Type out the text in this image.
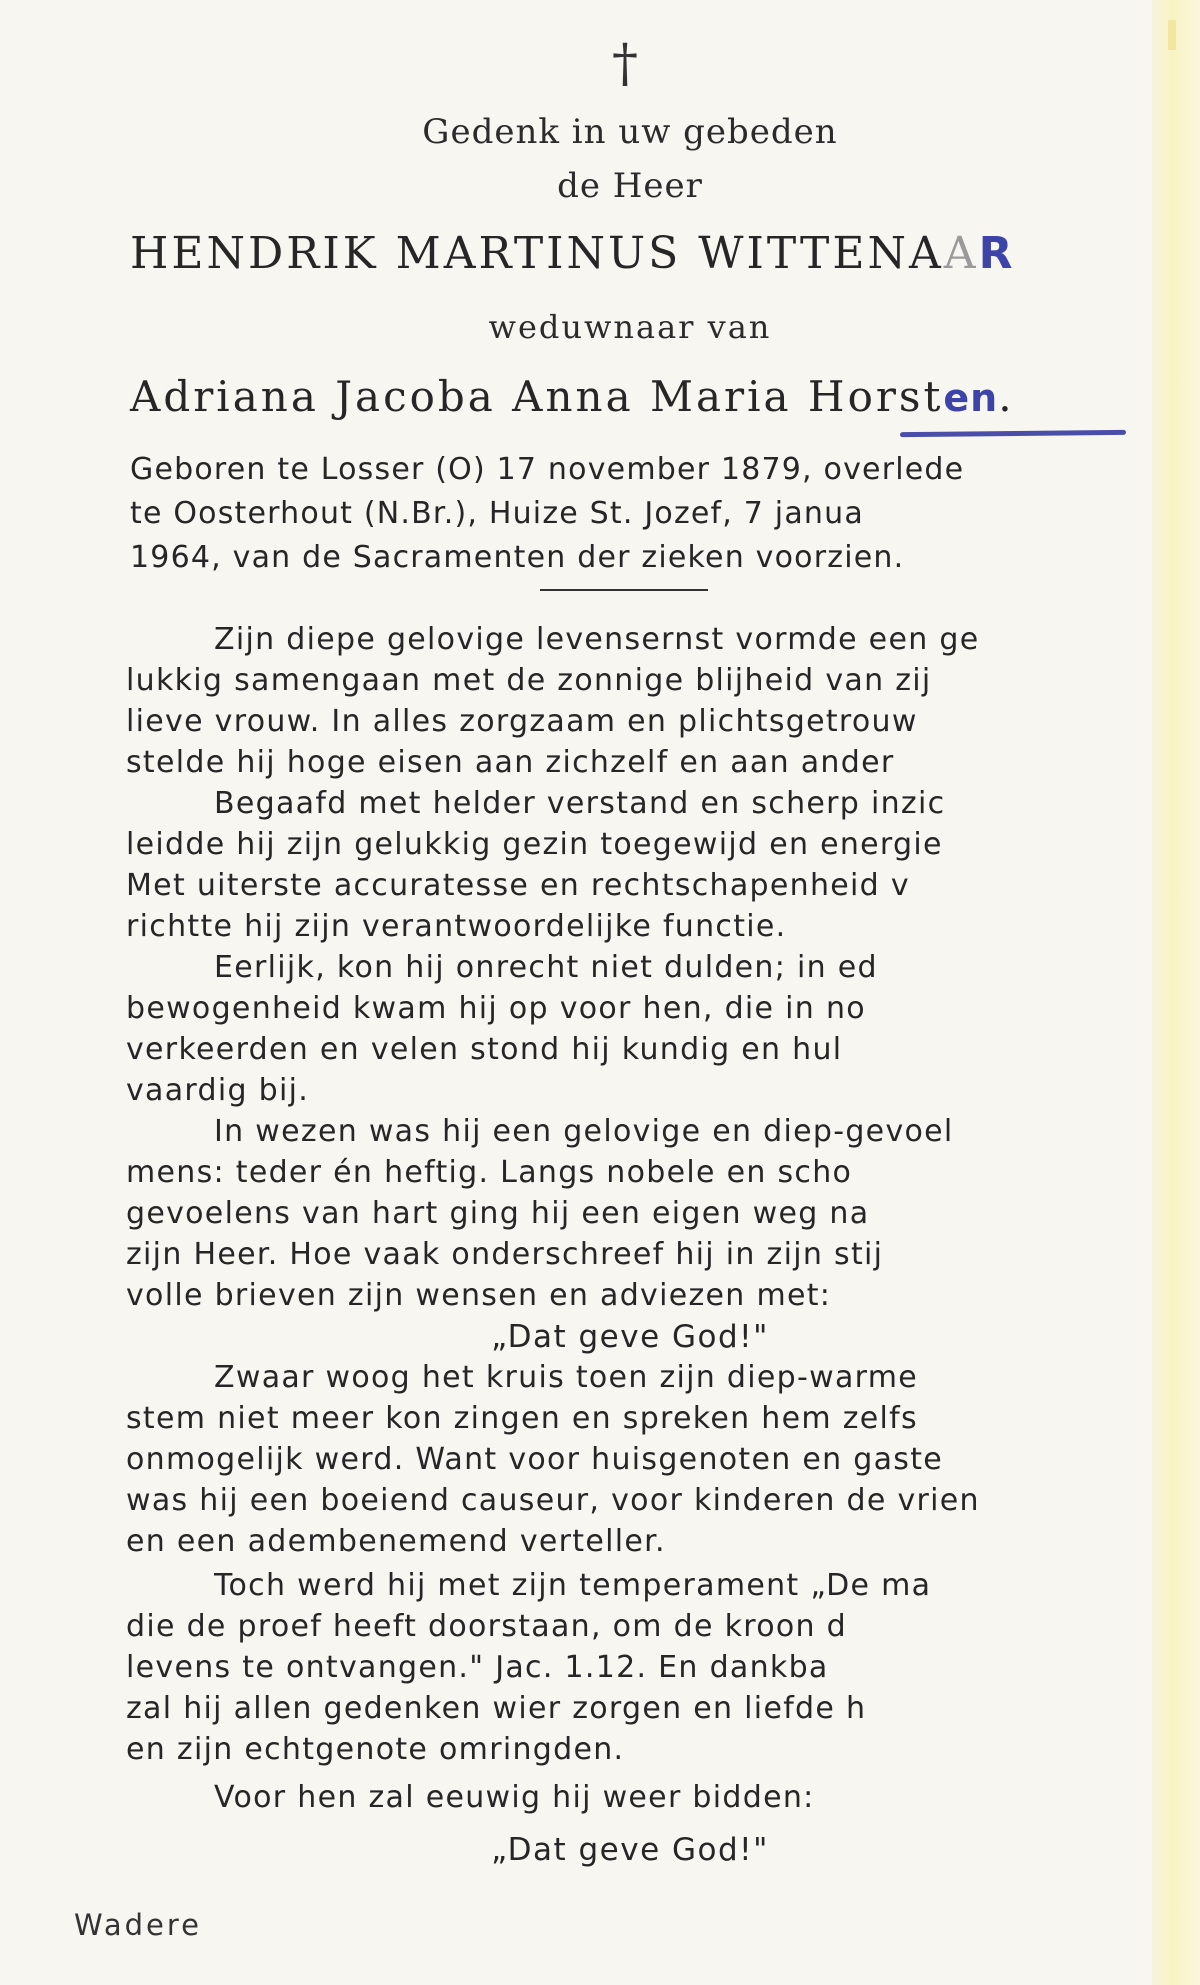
†
Gedenk in uw gebeden
de Heer
HENDRIK MARTINUS WITTENAAR
weduwnaar van
Adriana Jacoba Anna Maria Horsten.
Geboren te Losser (O) 17 november 1879, overlede
te Oosterhout (N.Br.), Huize St. Jozef, 7 janua
1964, van de Sacramenten der zieken voorzien.
Zijn diepe gelovige levensernst vormde een ge
lukkig samengaan met de zonnige blijheid van zij
lieve vrouw. In alles zorgzaam en plichtsgetrouw
stelde hij hoge eisen aan zichzelf en aan ander
Begaafd met helder verstand en scherp inzic
leidde hij zijn gelukkig gezin toegewijd en energie
Met uiterste accuratesse en rechtschapenheid v
richtte hij zijn verantwoordelijke functie.
Eerlijk, kon hij onrecht niet dulden; in ed
bewogenheid kwam hij op voor hen, die in no
verkeerden en velen stond hij kundig en hul
vaardig bij.
In wezen was hij een gelovige en diep-gevoel
mens: teder én heftig. Langs nobele en scho
gevoelens van hart ging hij een eigen weg na
zijn Heer. Hoe vaak onderschreef hij in zijn stij
volle brieven zijn wensen en adviezen met:
„Dat geve God!"
Zwaar woog het kruis toen zijn diep-warme
stem niet meer kon zingen en spreken hem zelfs
onmogelijk werd. Want voor huisgenoten en gaste
was hij een boeiend causeur, voor kinderen de vrien
en een adembenemend verteller.
Toch werd hij met zijn temperament „De ma
die de proef heeft doorstaan, om de kroon d
levens te ontvangen." Jac. 1.12. En dankba
zal hij allen gedenken wier zorgen en liefde h
en zijn echtgenote omringden.
Voor hen zal eeuwig hij weer bidden:
„Dat geve God!"
Wadere
